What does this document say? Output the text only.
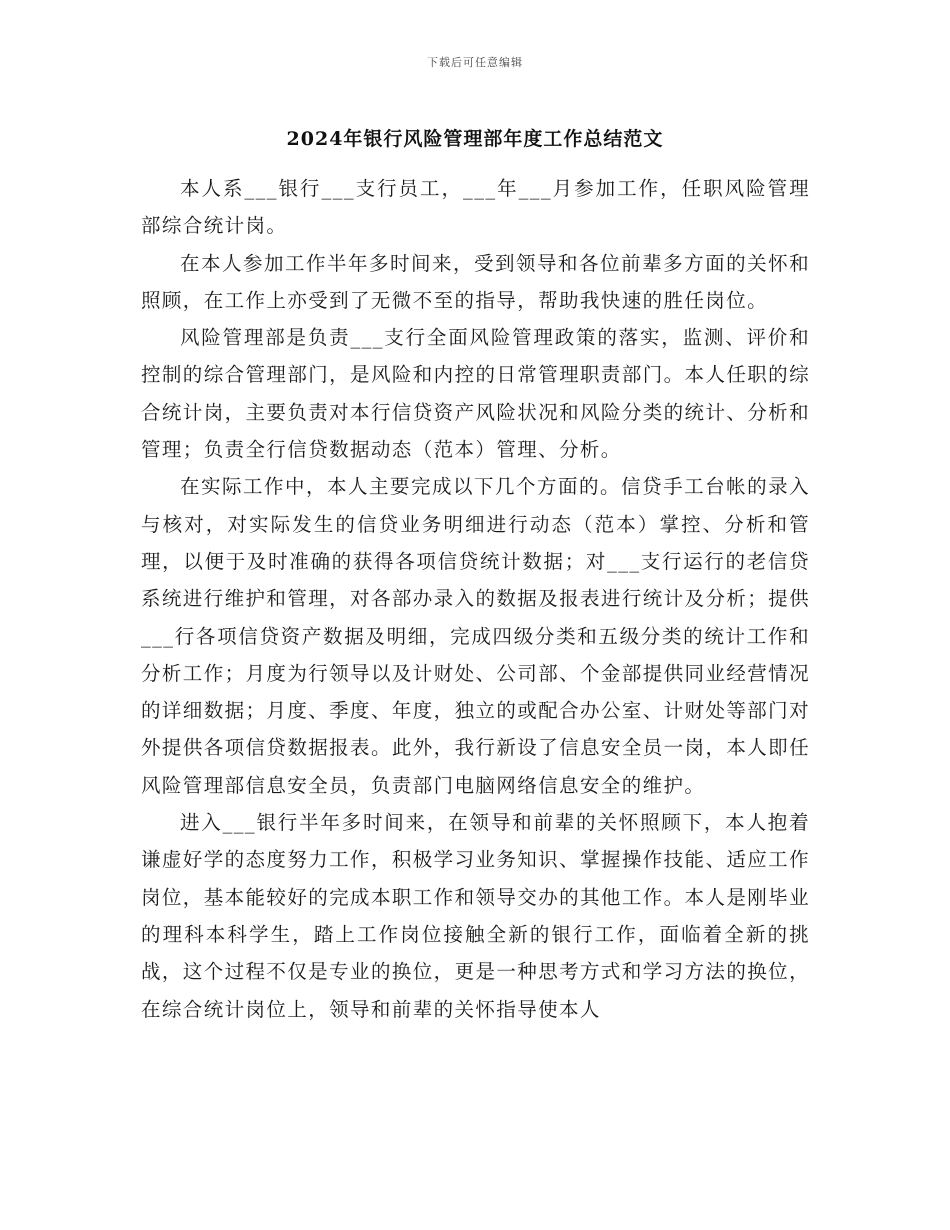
下载后可任意编辑
2024年银行风险管理部年度工作总结范文

本人系___银行___支行员工，___年___月参加工作，任职风险管理部综合统计岗。

在本人参加工作半年多时间来，受到领导和各位前辈多方面的关怀和照顾，在工作上亦受到了无微不至的指导，帮助我快速的胜任岗位。

风险管理部是负责___支行全面风险管理政策的落实，监测、评价和控制的综合管理部门，是风险和内控的日常管理职责部门。本人任职的综合统计岗，主要负责对本行信贷资产风险状况和风险分类的统计、分析和管理；负责全行信贷数据动态（范本）管理、分析。

在实际工作中，本人主要完成以下几个方面的。信贷手工台帐的录入与核对，对实际发生的信贷业务明细进行动态（范本）掌控、分析和管理，以便于及时准确的获得各项信贷统计数据；对___支行运行的老信贷系统进行维护和管理，对各部办录入的数据及报表进行统计及分析；提供___行各项信贷资产数据及明细，完成四级分类和五级分类的统计工作和分析工作；月度为行领导以及计财处、公司部、个金部提供同业经营情况的详细数据；月度、季度、年度，独立的或配合办公室、计财处等部门对外提供各项信贷数据报表。此外，我行新设了信息安全员一岗，本人即任风险管理部信息安全员，负责部门电脑网络信息安全的维护。

进入___银行半年多时间来，在领导和前辈的关怀照顾下，本人抱着谦虚好学的态度努力工作，积极学习业务知识、掌握操作技能、适应工作岗位，基本能较好的完成本职工作和领导交办的其他工作。本人是刚毕业的理科本科学生，踏上工作岗位接触全新的银行工作，面临着全新的挑战，这个过程不仅是专业的换位，更是一种思考方式和学习方法的换位，在综合统计岗位上，领导和前辈的关怀指导使本人
